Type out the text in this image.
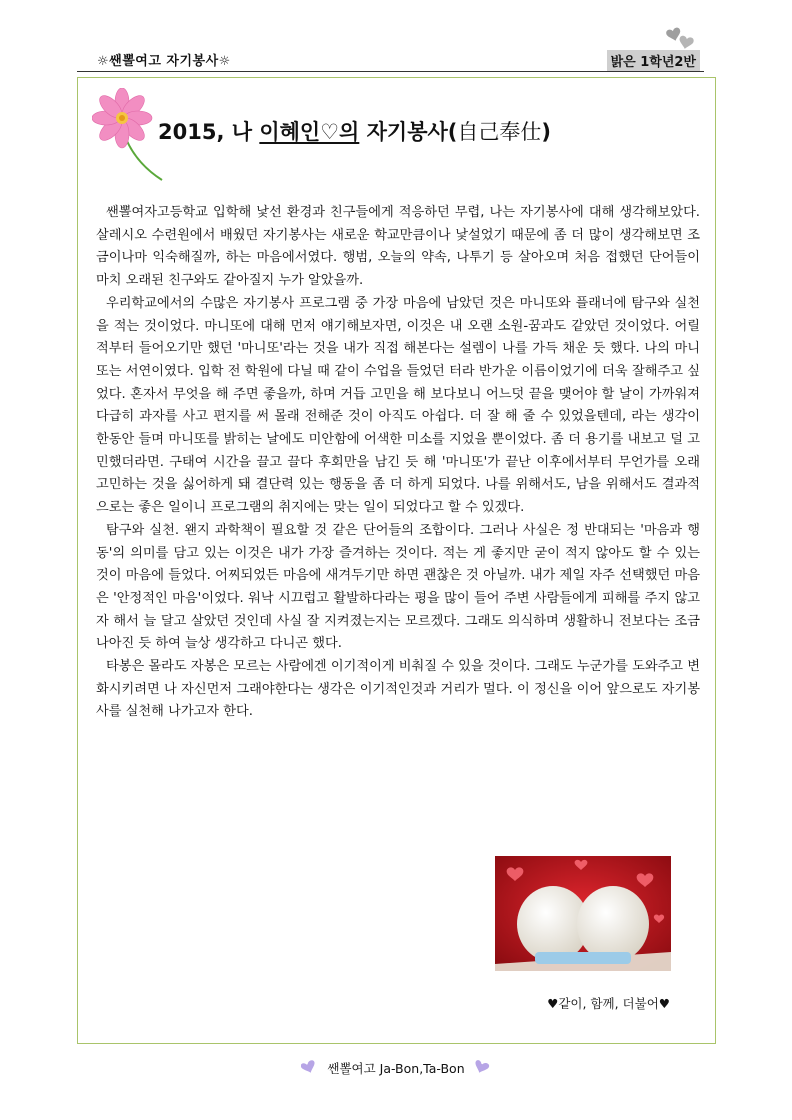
☼쌘뽈여고 자기봉사☼	밝은 1학년2반
2015, 나 이혜인♡의 자기봉사(自己奉仕)

쌘뽈여자고등학교 입학해 낯선 환경과 친구들에게 적응하던 무렵, 나는 자기봉사에 대해 생각해보았다. 살레시오 수련원에서 배웠던 자기봉사는 새로운 학교만큼이나 낯설었기 때문에 좀 더 많이 생각해보면 조금이나마 익숙해질까, 하는 마음에서였다. 행범, 오늘의 약속, 나투기 등 살아오며 처음 접했던 단어들이 마치 오래된 친구와도 같아질지 누가 알았을까.

우리학교에서의 수많은 자기봉사 프로그램 중 가장 마음에 남았던 것은 마니또와 플래너에 탐구와 실천을 적는 것이었다. 마니또에 대해 먼저 얘기해보자면, 이것은 내 오랜 소원-꿈과도 같았던 것이었다. 어릴 적부터 들어오기만 했던 '마니또'라는 것을 내가 직접 해본다는 설렘이 나를 가득 채운 듯 했다. 나의 마니또는 서연이였다. 입학 전 학원에 다닐 때 같이 수업을 들었던 터라 반가운 이름이었기에 더욱 잘해주고 싶었다. 혼자서 무엇을 해 주면 좋을까, 하며 거듭 고민을 해 보다보니 어느덧 끝을 맺어야 할 날이 가까워져 다급히 과자를 사고 편지를 써 몰래 전해준 것이 아직도 아쉽다. 더 잘 해 줄 수 있었을텐데, 라는 생각이 한동안 들며 마니또를 밝히는 날에도 미안함에 어색한 미소를 지었을 뿐이었다. 좀 더 용기를 내보고 덜 고민했더라면. 구태여 시간을 끌고 끌다 후회만을 남긴 듯 해 '마니또'가 끝난 이후에서부터 무언가를 오래 고민하는 것을 싫어하게 돼 결단력 있는 행동을 좀 더 하게 되었다. 나를 위해서도, 남을 위해서도 결과적으로는 좋은 일이니 프로그램의 취지에는 맞는 일이 되었다고 할 수 있겠다.

탐구와 실천. 왠지 과학책이 필요할 것 같은 단어들의 조합이다. 그러나 사실은 정 반대되는 '마음과 행동'의 의미를 담고 있는 이것은 내가 가장 즐겨하는 것이다. 적는 게 좋지만 굳이 적지 않아도 할 수 있는 것이 마음에 들었다. 어찌되었든 마음에 새겨두기만 하면 괜찮은 것 아닐까. 내가 제일 자주 선택했던 마음은 '안정적인 마음'이었다. 워낙 시끄럽고 활발하다라는 평을 많이 들어 주변 사람들에게 피해를 주지 않고자 해서 늘 달고 살았던 것인데 사실 잘 지켜졌는지는 모르겠다. 그래도 의식하며 생활하니 전보다는 조금 나아진 듯 하여 늘상 생각하고 다니곤 했다.

타봉은 몰라도 자봉은 모르는 사람에겐 이기적이게 비춰질 수 있을 것이다. 그래도 누군가를 도와주고 변화시키려면 나 자신먼저 그래야한다는 생각은 이기적인것과 거리가 멀다. 이 정신을 이어 앞으로도 자기봉사를 실천해 나가고자 한다.

♥같이, 함께, 더불어♥
쌘뽈여고 Ja-Bon,Ta-Bon
